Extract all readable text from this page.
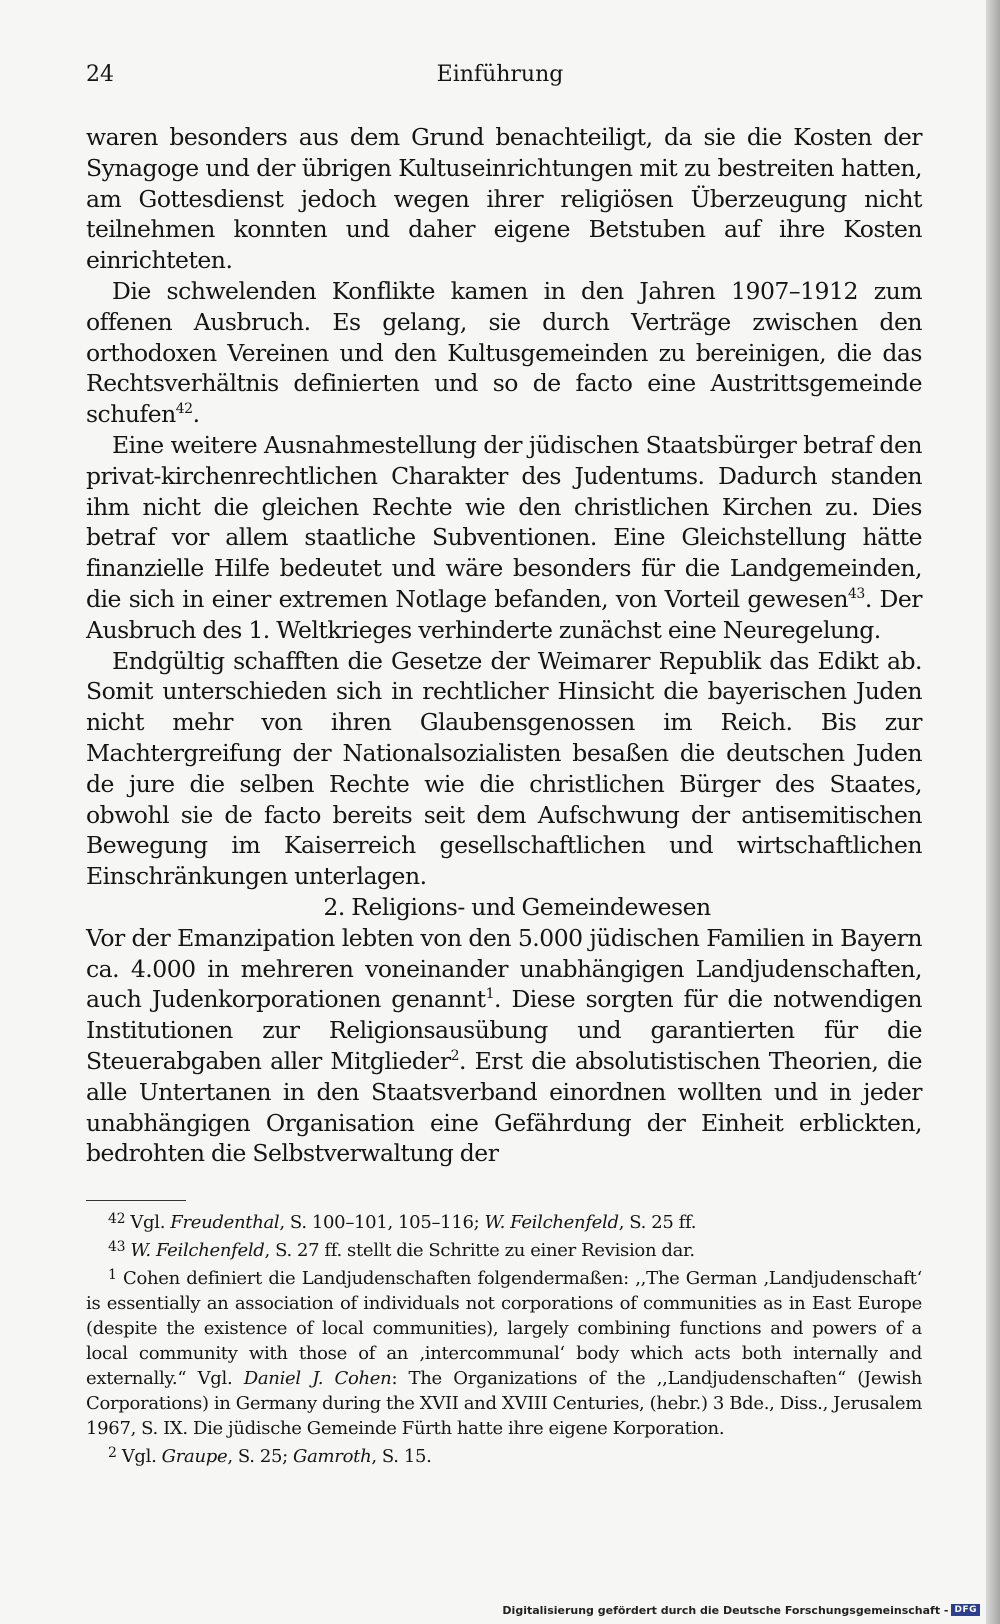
24	Einführung

waren besonders aus dem Grund benachteiligt, da sie die Kosten der Synagoge und der übrigen Kultuseinrichtungen mit zu bestreiten hatten, am Gottesdienst jedoch wegen ihrer religiösen Überzeugung nicht teilnehmen konnten und daher eigene Betstuben auf ihre Kosten einrichteten.

Die schwelenden Konflikte kamen in den Jahren 1907–1912 zum offenen Ausbruch. Es gelang, sie durch Verträge zwischen den orthodoxen Vereinen und den Kultusgemeinden zu bereinigen, die das Rechtsverhältnis definierten und so de facto eine Austrittsgemeinde schufen$^{42}$.

Eine weitere Ausnahmestellung der jüdischen Staatsbürger betraf den privat-kirchenrechtlichen Charakter des Judentums. Dadurch standen ihm nicht die gleichen Rechte wie den christlichen Kirchen zu. Dies betraf vor allem staatliche Subventionen. Eine Gleichstellung hätte finanzielle Hilfe bedeutet und wäre besonders für die Landgemeinden, die sich in einer extremen Notlage befanden, von Vorteil gewesen$^{43}$. Der Ausbruch des 1. Weltkrieges verhinderte zunächst eine Neuregelung.

Endgültig schafften die Gesetze der Weimarer Republik das Edikt ab. Somit unterschieden sich in rechtlicher Hinsicht die bayerischen Juden nicht mehr von ihren Glaubensgenossen im Reich. Bis zur Machtergreifung der Nationalsozialisten besaßen die deutschen Juden de jure die selben Rechte wie die christlichen Bürger des Staates, obwohl sie de facto bereits seit dem Aufschwung der antisemitischen Bewegung im Kaiserreich gesellschaftlichen und wirtschaftlichen Einschränkungen unterlagen.

2. Religions- und Gemeindewesen

Vor der Emanzipation lebten von den 5.000 jüdischen Familien in Bayern ca. 4.000 in mehreren voneinander unabhängigen Landjudenschaften, auch Judenkorporationen genannt$^1$. Diese sorgten für die notwendigen Institutionen zur Religionsausübung und garantierten für die Steuerabgaben aller Mitglieder$^2$. Erst die absolutistischen Theorien, die alle Untertanen in den Staatsverband einordnen wollten und in jeder unabhängigen Organisation eine Gefährdung der Einheit erblickten, bedrohten die Selbstverwaltung der

$^{42}$ Vgl. Freudenthal, S. 100–101, 105–116; W. Feilchenfeld, S. 25 ff.

$^{43}$ W. Feilchenfeld, S. 27 ff. stellt die Schritte zu einer Revision dar.

$^1$ Cohen definiert die Landjudenschaften folgendermaßen: ,,The German ‚Landjudenschaft‘ is essentially an association of individuals not corporations of communities as in East Europe (despite the existence of local communities), largely combining functions and powers of a local community with those of an ‚intercommunal‘ body which acts both internally and externally.“ Vgl. Daniel J. Cohen: The Organizations of the ,,Landjudenschaften“ (Jewish Corporations) in Germany during the XVII and XVIII Centuries, (hebr.) 3 Bde., Diss., Jerusalem 1967, S. IX. Die jüdische Gemeinde Fürth hatte ihre eigene Korporation.

$^2$ Vgl. Graupe, S. 25; Gamroth, S. 15.

Digitalisierung gefördert durch die Deutsche Forschungsgemeinschaft - DFG
